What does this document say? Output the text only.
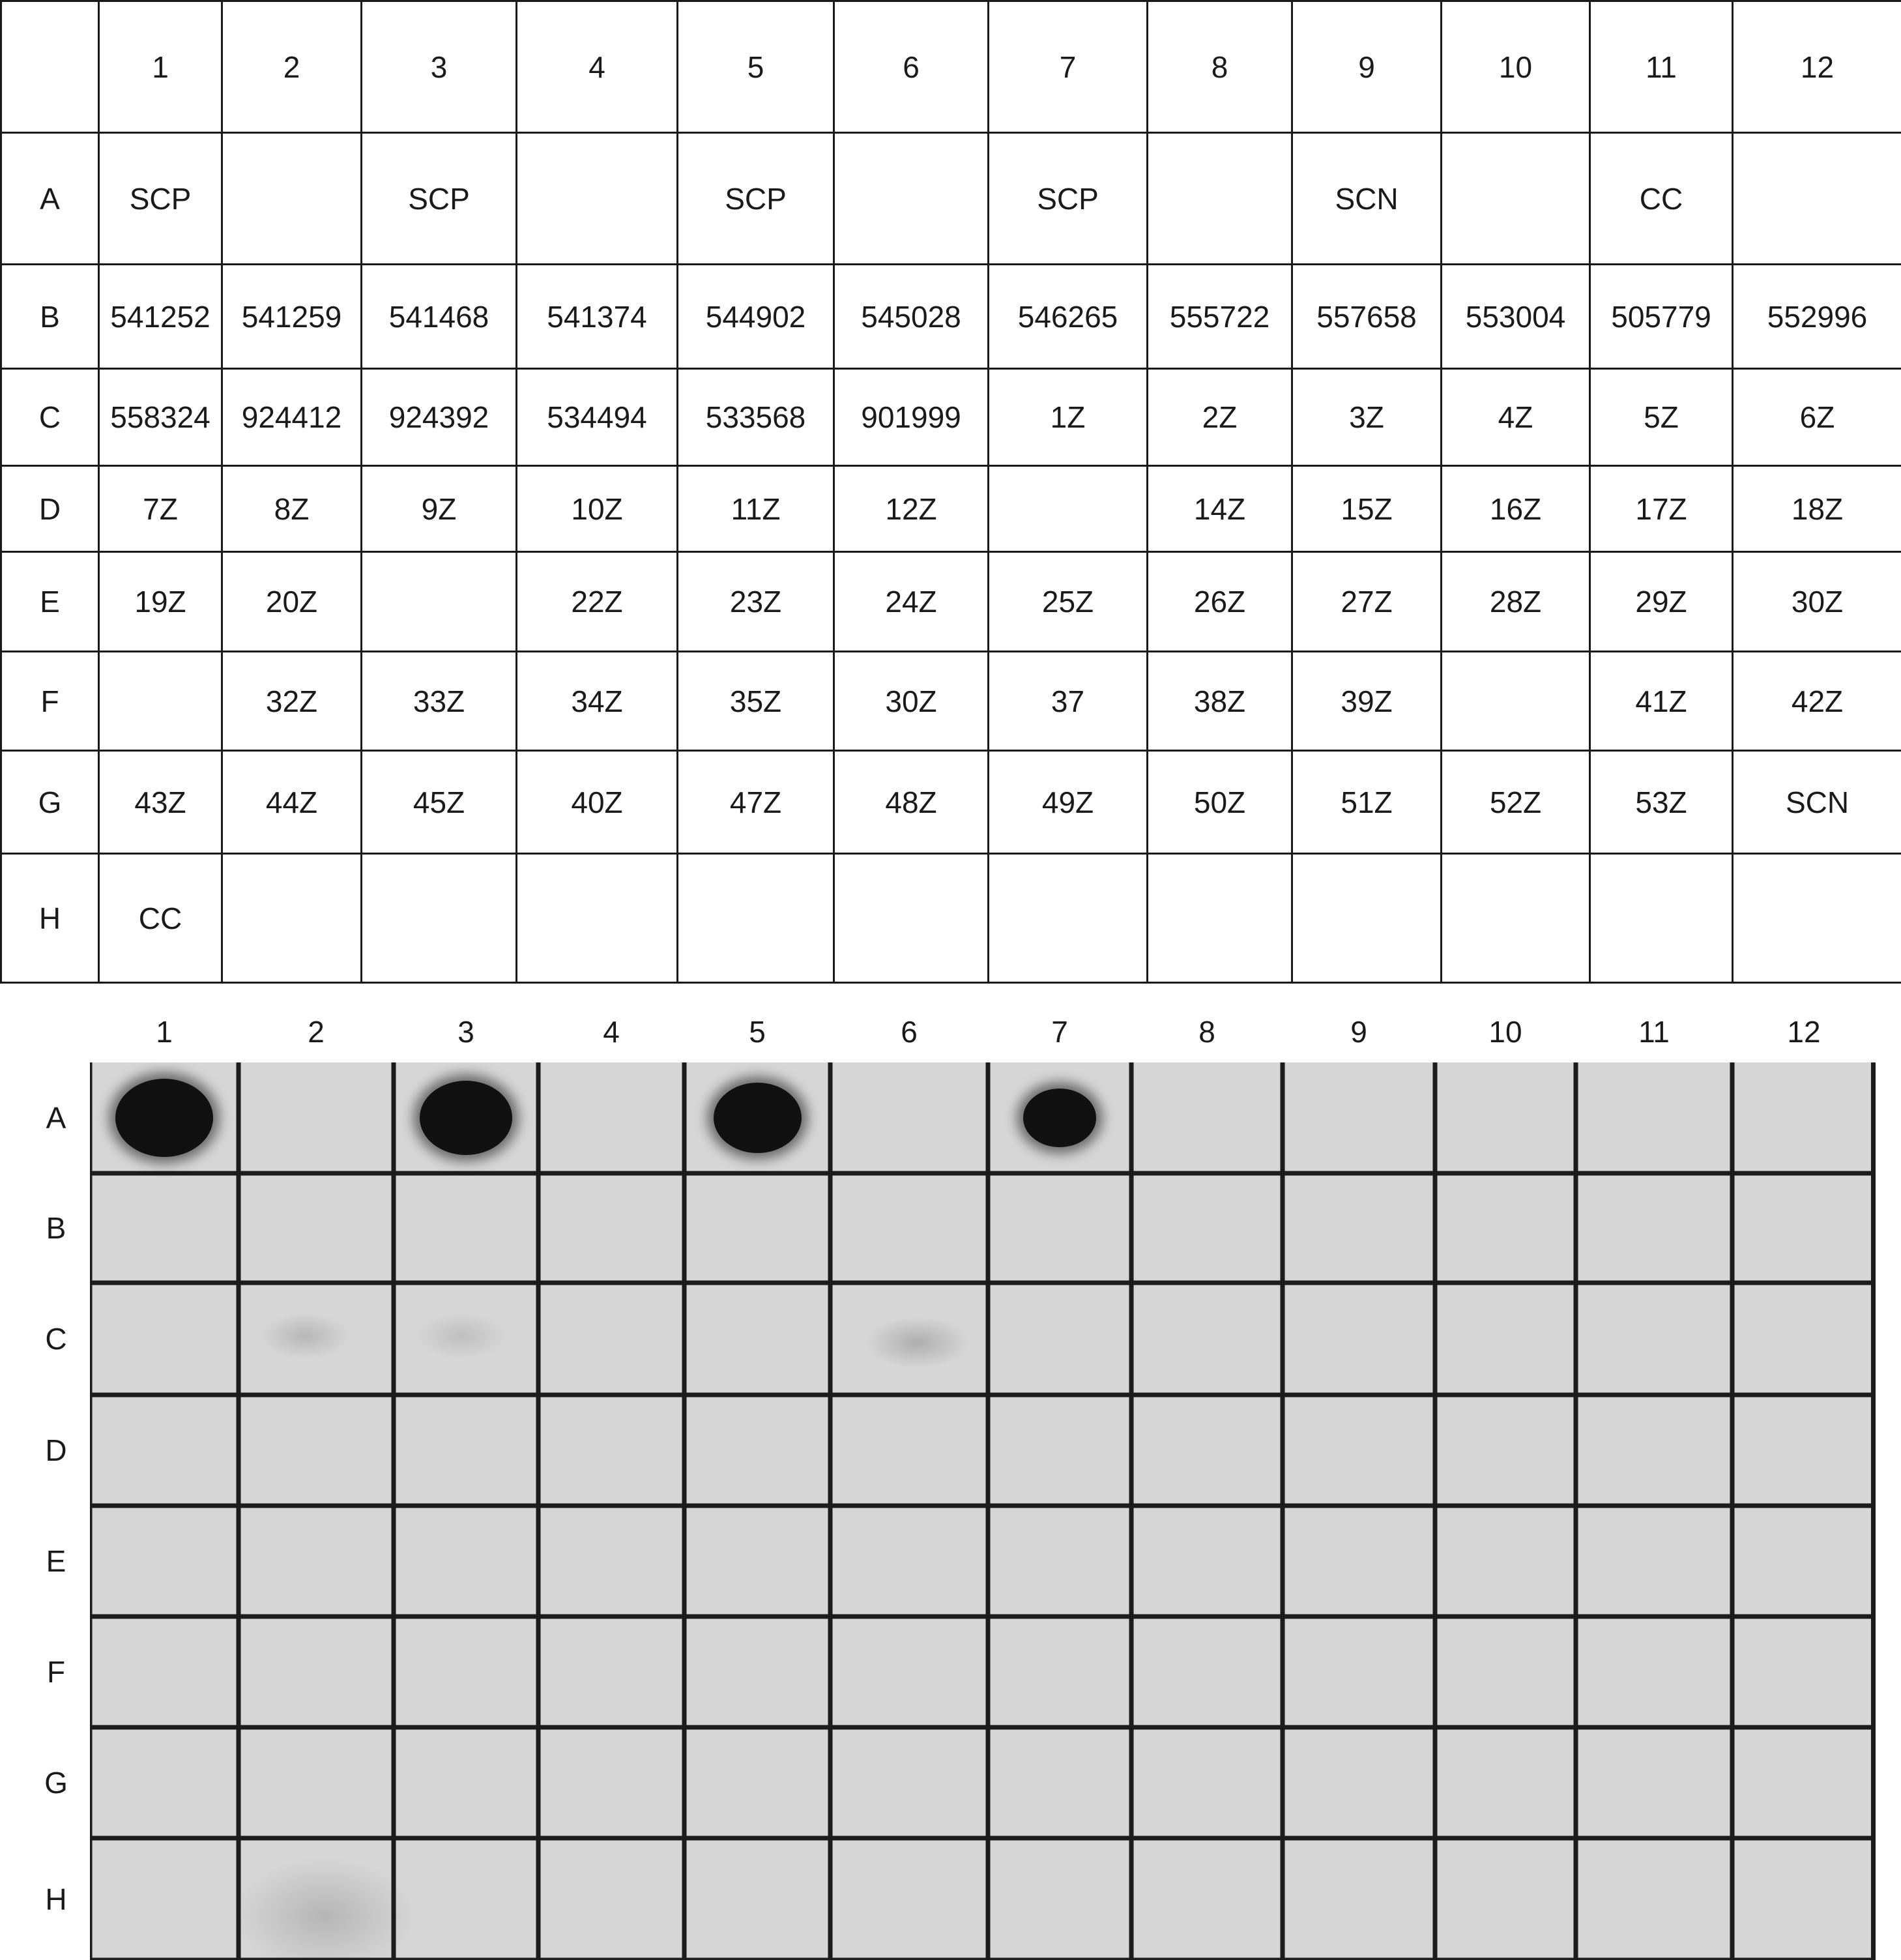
	1	2	3	4	5	6	7	8	9	10	11	12
A	SCP		SCP		SCP		SCP		SCN		CC	
B	541252	541259	541468	541374	544902	545028	546265	555722	557658	553004	505779	552996
C	558324	924412	924392	534494	533568	901999	1Z	2Z	3Z	4Z	5Z	6Z
D	7Z	8Z	9Z	10Z	11Z	12Z		14Z	15Z	16Z	17Z	18Z
E	19Z	20Z		22Z	23Z	24Z	25Z	26Z	27Z	28Z	29Z	30Z
F		32Z	33Z	34Z	35Z	30Z	37	38Z	39Z		41Z	42Z
G	43Z	44Z	45Z	40Z	47Z	48Z	49Z	50Z	51Z	52Z	53Z	SCN
H	CC											
1	2	3	4	5	6	7	8	9	10	11	12
A
B
C
D
E
F
G
H
